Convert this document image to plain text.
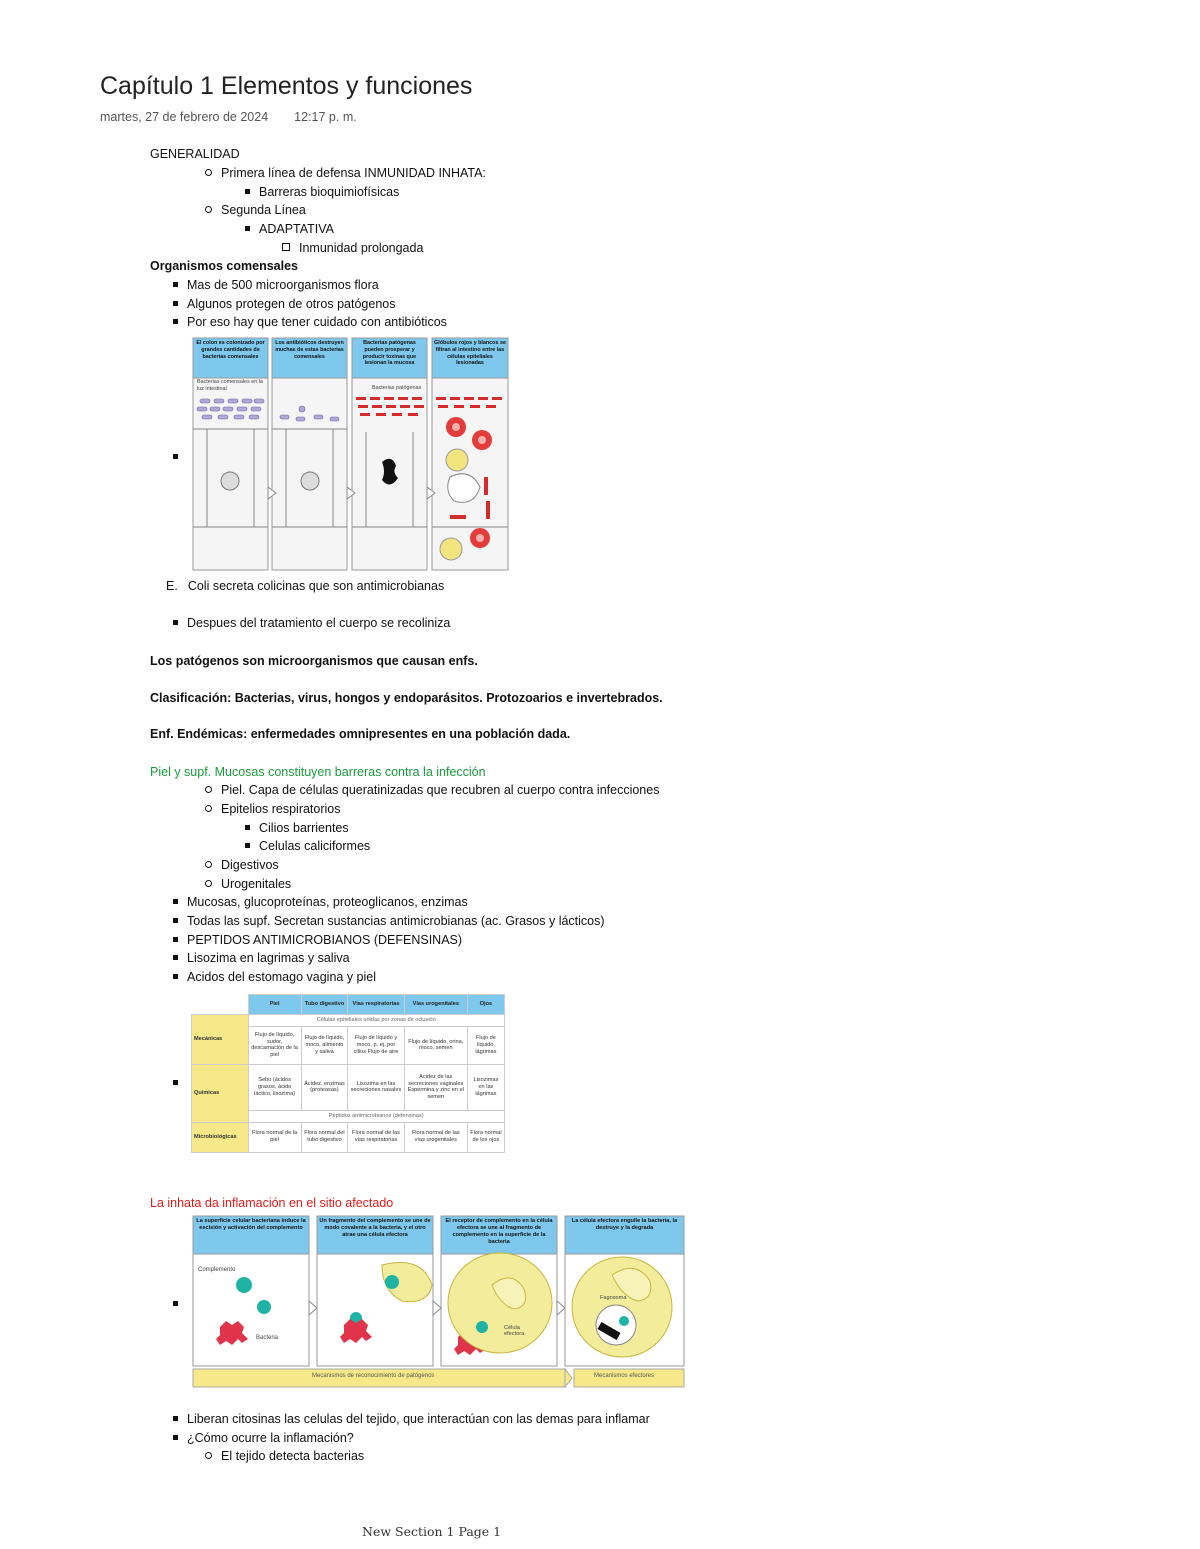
Capítulo 1 Elementos y funciones
martes, 27 de febrero de 2024 12:17 p. m.
GENERALIDAD
Primera línea de defensa INMUNIDAD INHATA:
Barreras bioquimiofísicas
Segunda Línea
ADAPTATIVA
Inmunidad prolongada
Organismos comensales
Mas de 500 microorganismos flora
Algunos protegen de otros patógenos
Por eso hay que tener cuidado con antibióticos
El colon es colonizado por grandes cantidades de bacterias comensales
Los antibióticos destruyen muchas de estas bacterias comensales
Bacterias patógenas pueden prosperar y producir toxinas que lesionan la mucosa
Glóbulos rojos y blancos se filtran al intestino entre las células epiteliales lesionadas
Bacterias comensales en la luz intestinal	Bacterias patógenas
E. Coli secreta colicinas que son antimicrobianas
Despues del tratamiento el cuerpo se recoliniza
Los patógenos son microorganismos que causan enfs.
Clasificación: Bacterias, virus, hongos y endoparásitos. Protozoarios e invertebrados.
Enf. Endémicas: enfermedades omnipresentes en una población dada.
Piel y supf. Mucosas constituyen barreras contra la infección
Piel. Capa de células queratinizadas que recubren al cuerpo contra infecciones
Epitelios respiratorios
Cilios barrientes
Celulas caliciformes
Digestivos
Urogenitales
Mucosas, glucoproteínas, proteoglicanos, enzimas
Todas las supf. Secretan sustancias antimicrobianas (ac. Grasos y lácticos)
PEPTIDOS ANTIMICROBIANOS (DEFENSINAS)
Lisozima en lagrimas y saliva
Acidos del estomago vagina y piel
	Piel	Tubo digestivo	Vías respiratorias	Vías urogenitales	Ojos
Mecánicas	Células epiteliales unidas por zonas de oclusión				
	Flujo de líquido, sudor, descamación de la piel	Flujo de líquido, moco, alimento y saliva	Flujo de líquido y moco, p. ej. por cilios Flujo de aire	Flujo de líquido, orina, moco, semen	Flujo de líquido, lágrimas
Químicas	Sebo (ácidos grasos, ácido láctico, lisozima)	Ácidez, enzimas (proteasas)	Lisozima en las secreciones nasales	Acidez de las secreciones vaginales Espermina y zinc en el semen	Lisozimas en las lágrimas
	Péptidos antimicrobianos (defensinas)				
Microbiológicas	Flora normal de la piel	Flora normal del tubo digestivo	Flora normal de las vías respiratorias	Flora normal de las vías urogenitales	Flora normal de los ojos
La inhata da inflamación en el sitio afectado
La superficie celular bacteriana induce la escisión y activación del complemento
Un fragmento del complemento se une de modo covalente a la bacteria, y el otro atrae una célula efectora
El receptor de complemento en la célula efectora se une al fragmento de complemento en la superficie de la bacteria
La célula efectora engulle la bacteria, la destruye y la degrada
Complemento
Bacteria
Célula efectora
Fagosoma
Mecanismos de reconocimiento de patógenos	Mecanismos efectores
Liberan citosinas las celulas del tejido, que interactúan con las demas para inflamar
¿Cómo ocurre la inflamación?
El tejido detecta bacterias
New Section 1 Page 1
